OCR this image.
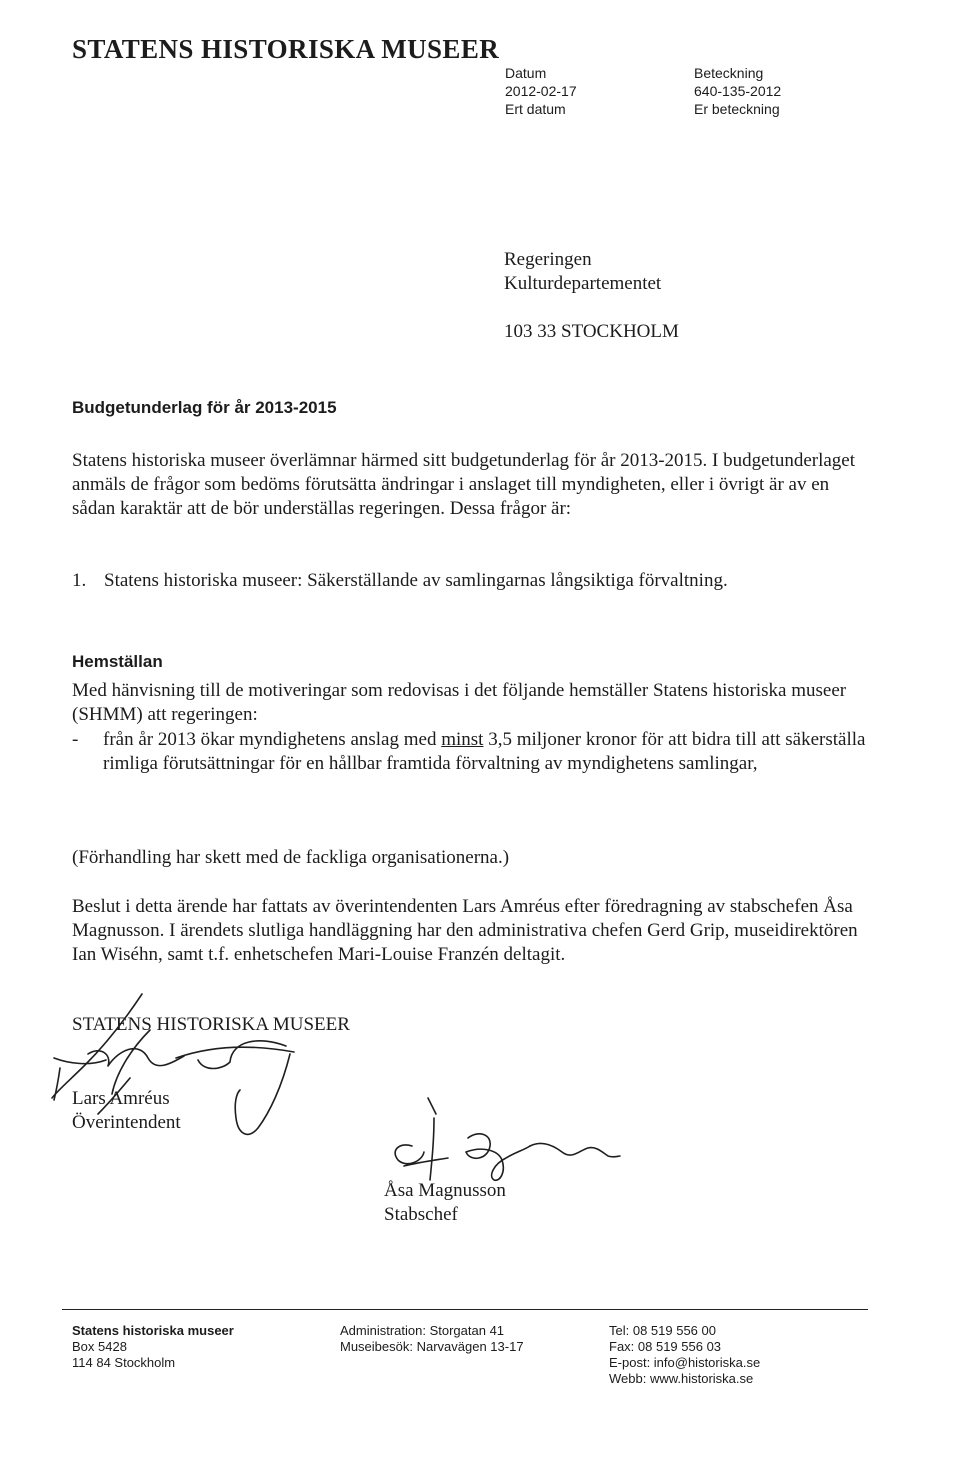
STATENS HISTORISKA MUSEER
Datum
2012-02-17
Ert datum
Beteckning
640-135-2012
Er beteckning
Regeringen
Kulturdepartementet
103 33 STOCKHOLM
Budgetunderlag för år 2013-2015
Statens historiska museer överlämnar härmed sitt budgetunderlag för år 2013-2015. I budgetunderlaget anmäls de frågor som bedöms förutsätta ändringar i anslaget till myndigheten, eller i övrigt är av en sådan karaktär att de bör underställas regeringen. Dessa frågor är:
1. Statens historiska museer: Säkerställande av samlingarnas långsiktiga förvaltning.
Hemställan
Med hänvisning till de motiveringar som redovisas i det följande hemställer Statens historiska museer (SHMM) att regeringen:
-	från år 2013 ökar myndighetens anslag med minst 3,5 miljoner kronor för att bidra till att säkerställa rimliga förutsättningar för en hållbar framtida förvaltning av myndighetens samlingar,
(Förhandling har skett med de fackliga organisationerna.)
Beslut i detta ärende har fattats av överintendenten Lars Amréus efter föredragning av stabschefen Åsa Magnusson. I ärendets slutliga handläggning har den administrativa chefen Gerd Grip, museidirektören Ian Wiséhn, samt t.f. enhetschefen Mari-Louise Franzén deltagit.
STATENS HISTORISKA MUSEER
Lars Amréus
Överintendent
Åsa Magnusson
Stabschef
Statens historiska museer
Box 5428
114 84 Stockholm
Administration: Storgatan 41
Museibesök: Narvavägen 13-17
Tel: 08 519 556 00
Fax: 08 519 556 03
E-post: info@historiska.se
Webb: www.historiska.se
